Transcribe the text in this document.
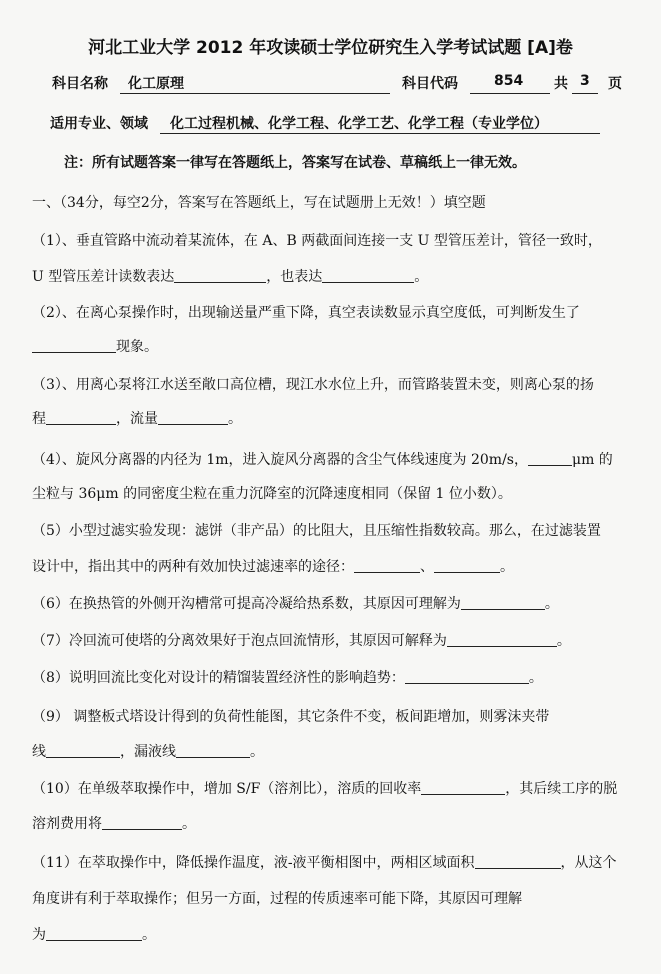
河北工业大学 2012 年攻读硕士学位研究生入学考试试题 [A]卷
科目名称 化工原理	科目代码	854 共 3 页
适用专业、领域 化工过程机械、化学工程、化学工艺、化学工程（专业学位）
注：所有试题答案一律写在答题纸上，答案写在试卷、草稿纸上一律无效。
一、（34分，每空2分，答案写在答题纸上，写在试题册上无效！）填空题
（1）、垂直管路中流动着某流体，在 A、B 两截面间连接一支 U 型管压差计，管径一致时，
U 型管压差计读数表达	，也表达	。
（2）、在离心泵操作时，出现输送量严重下降，真空表读数显示真空度低，可判断发生了
现象。
（3）、用离心泵将江水送至敞口高位槽，现江水水位上升，而管路装置未变，则离心泵的扬
程	，流量	。
（4）、旋风分离器的内径为 1m，进入旋风分离器的含尘气体线速度为 20m/s，	μm 的
尘粒与 36μm 的同密度尘粒在重力沉降室的沉降速度相同（保留 1 位小数）。
（5）小型过滤实验发现：滤饼（非产品）的比阻大，且压缩性指数较高。那么，在过滤装置
设计中，指出其中的两种有效加快过滤速率的途径：	、	。
（6）在换热管的外侧开沟槽常可提高冷凝给热系数，其原因可理解为	。
（7）冷回流可使塔的分离效果好于泡点回流情形，其原因可解释为	。
（8）说明回流比变化对设计的精馏装置经济性的影响趋势：	。
（9） 调整板式塔设计得到的负荷性能图，其它条件不变，板间距增加，则雾沫夹带
线	，漏液线	。
（10）在单级萃取操作中，增加 S/F（溶剂比），溶质的回收率	，其后续工序的脱
溶剂费用将	。
（11）在萃取操作中，降低操作温度，液-液平衡相图中，两相区域面积	，从这个
角度讲有利于萃取操作；但另一方面，过程的传质速率可能下降，其原因可理解
为	。
